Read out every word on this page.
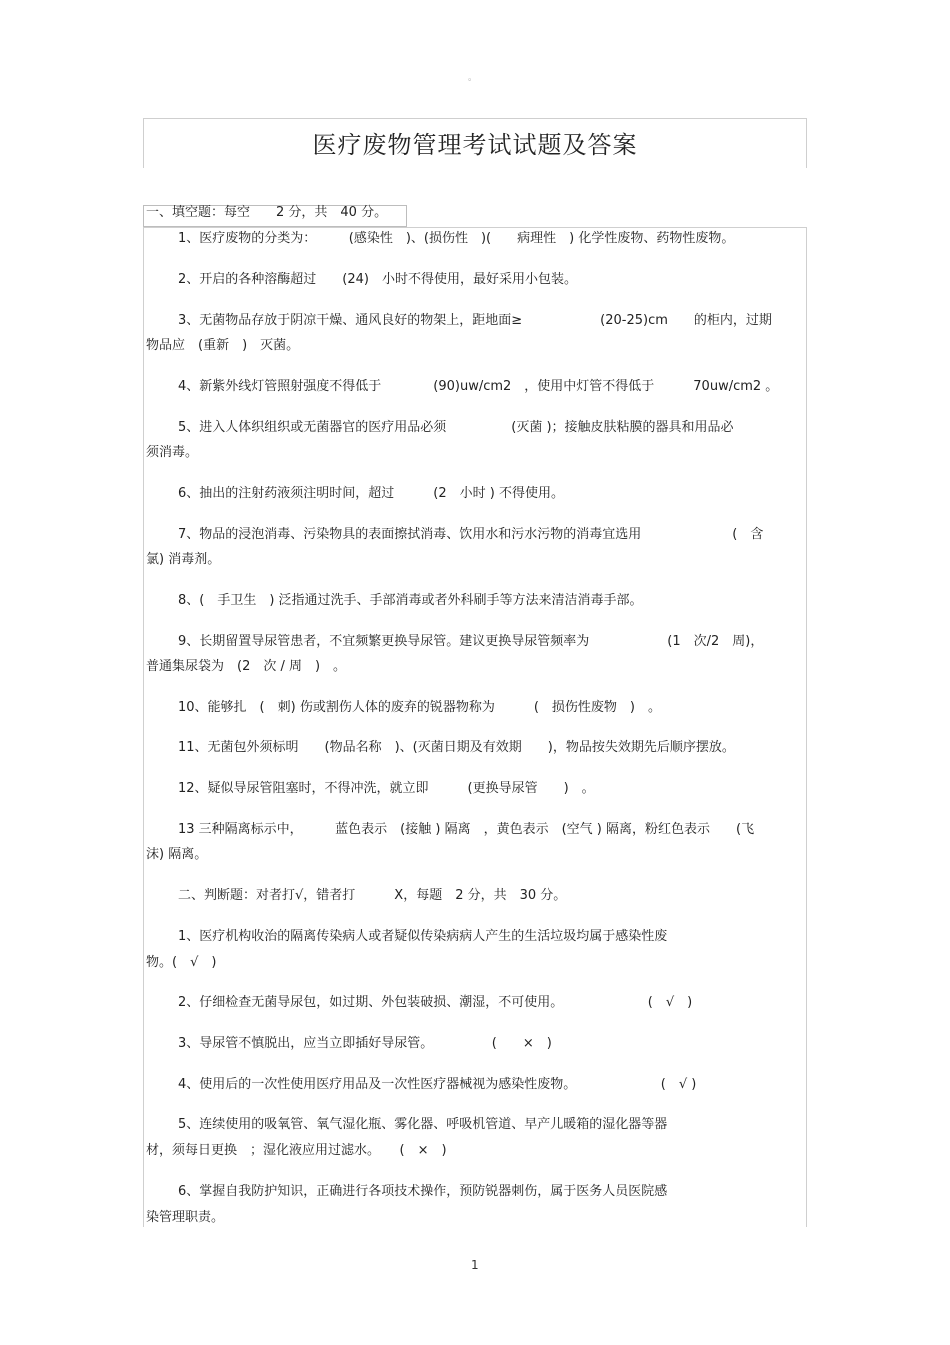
。
医疗废物管理考试试题及答案
一、填空题：每空　　2 分，共　40 分。
1、医疗废物的分类为：　　　(感染性　)、(损伤性　)(　　病理性　) 化学性废物、药物性废物。
2、开启的各种溶酶超过　　(24)　小时不得使用，最好采用小包装。
3、无菌物品存放于阴凉干燥、通风良好的物架上，距地面≥　　　　　　(20-25)cm　　的柜内，过期
物品应　(重新　)　灭菌。
4、新紫外线灯管照射强度不得低于　　　　(90)uw/cm2　，使用中灯管不得低于　　　70uw/cm2 。
5、进入人体织组织或无菌器官的医疗用品必须　　　　　(灭菌 )；接触皮肤粘膜的器具和用品必
须消毒。
6、抽出的注射药液须注明时间，超过　　　(2　小时 ) 不得使用。
7、物品的浸泡消毒、污染物具的表面擦拭消毒、饮用水和污水污物的消毒宜选用　　　　　　　(　含
氯) 消毒剂。
8、(　手卫生　) 泛指通过洗手、手部消毒或者外科刷手等方法来清洁消毒手部。
9、长期留置导尿管患者，不宜频繁更换导尿管。建议更换导尿管频率为　　　　　　(1　次/2　周)，
普通集尿袋为　(2　次 / 周　)　。
10、能够扎　(　刺) 伤或割伤人体的废弃的锐器物称为　　　(　损伤性废物　)　。
11、无菌包外须标明　　(物品名称　)、(灭菌日期及有效期　　)，物品按失效期先后顺序摆放。
12、疑似导尿管阻塞时，不得冲洗，就立即　　　(更换导尿管　　)　。
13 三种隔离标示中，　　　蓝色表示　(接触 ) 隔离　，黄色表示　(空气 ) 隔离，粉红色表示　　(飞
沫) 隔离。
二、判断题：对者打√，错者打　　　X，每题　2 分，共　30 分。
1、医疗机构收治的隔离传染病人或者疑似传染病病人产生的生活垃圾均属于感染性废
物。(　√　)
2、仔细检查无菌导尿包，如过期、外包装破损、潮湿，不可使用。　　　　　　　(　√　)
3、导尿管不慎脱出，应当立即插好导尿管。　　　　　(　　×　)
4、使用后的一次性使用医疗用品及一次性医疗器械视为感染性废物。　　　　　　　(　√ )
5、连续使用的吸氧管、氧气湿化瓶、雾化器、呼吸机管道、早产儿暖箱的湿化器等器
材，须每日更换　；湿化液应用过滤水。　　(　×　)
6、掌握自我防护知识，正确进行各项技术操作，预防锐器刺伤，属于医务人员医院感
染管理职责。
1
